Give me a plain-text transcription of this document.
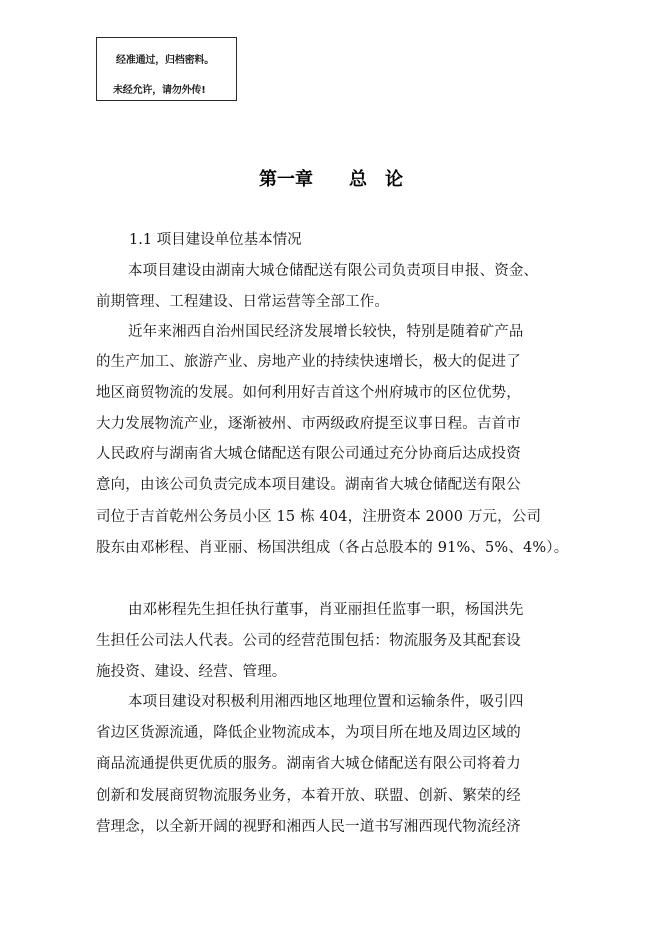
经准通过，归档密料。
未经允许，请勿外传!
第一章　　 总　论
1.1 项目建设单位基本情况
本项目建设由湖南大城仓储配送有限公司负责项目申报、资金、
前期管理、工程建设、日常运营等全部工作。
近年来湘西自治州国民经济发展增长较快，特别是随着矿产品
的生产加工、旅游产业、房地产业的持续快速增长，极大的促进了
地区商贸物流的发展。如何利用好吉首这个州府城市的区位优势，
大力发展物流产业，逐渐被州、市两级政府提至议事日程。吉首市
人民政府与湖南省大城仓储配送有限公司通过充分协商后达成投资
意向，由该公司负责完成本项目建设。湖南省大城仓储配送有限公
司位于吉首乾州公务员小区 15 栋 404，注册资本 2000 万元，公司
股东由邓彬程、肖亚丽、杨国洪组成（各占总股本的 91%、5%、4%）。
由邓彬程先生担任执行董事，肖亚丽担任监事一职，杨国洪先
生担任公司法人代表。公司的经营范围包括：物流服务及其配套设
施投资、建设、经营、管理。
本项目建设对积极利用湘西地区地理位置和运输条件，吸引四
省边区货源流通，降低企业物流成本，为项目所在地及周边区域的
商品流通提供更优质的服务。湖南省大城仓储配送有限公司将着力
创新和发展商贸物流服务业务，本着开放、联盟、创新、繁荣的经
营理念，以全新开阔的视野和湘西人民一道书写湘西现代物流经济
